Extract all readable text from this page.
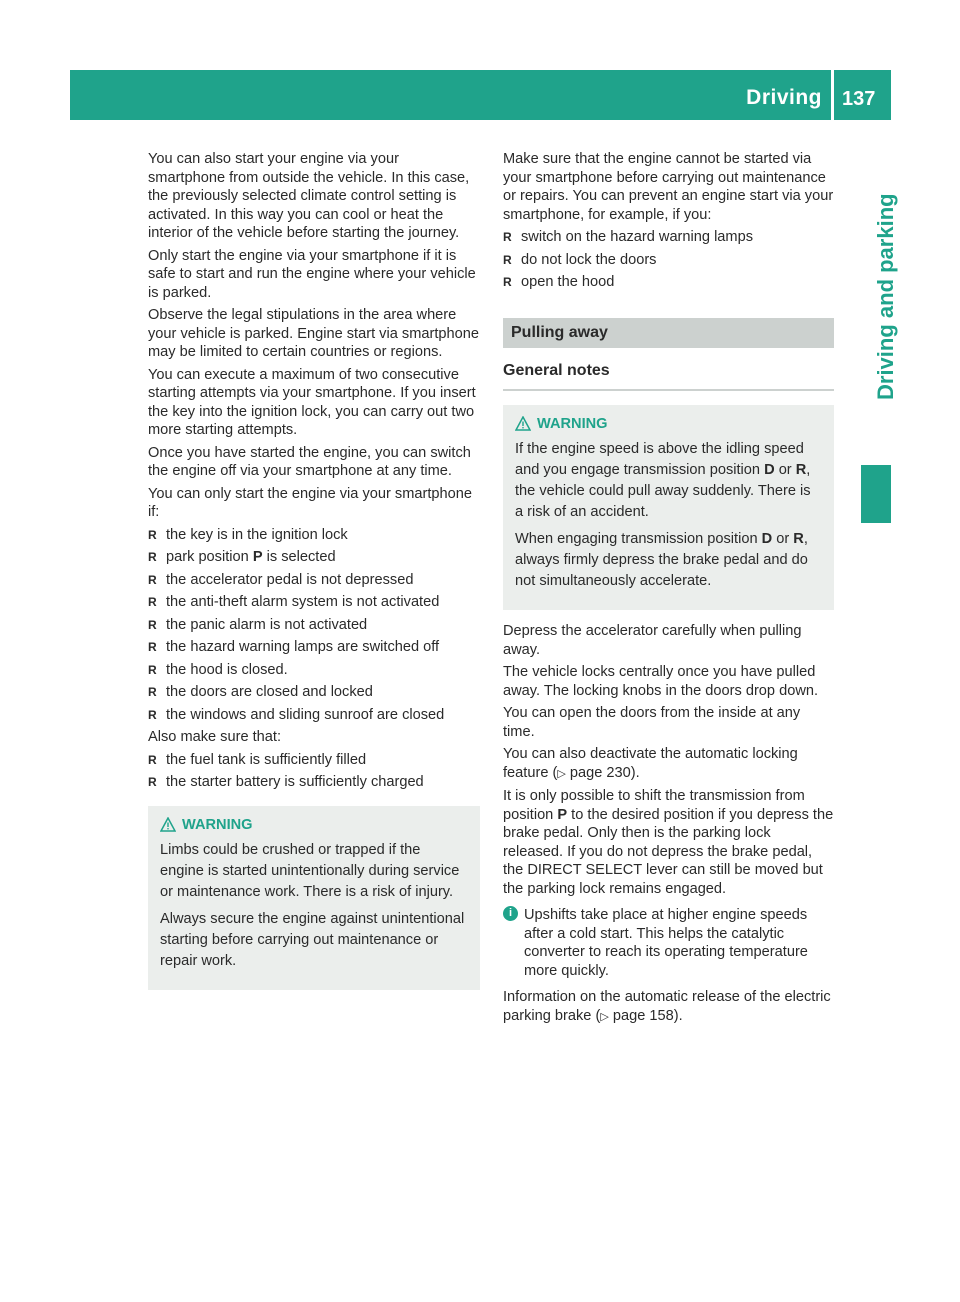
Driving 137
Driving and parking

You can also start your engine via your smartphone from outside the vehicle. In this case, the previously selected climate control setting is activated. In this way you can cool or heat the interior of the vehicle before starting the journey.

Only start the engine via your smartphone if it is safe to start and run the engine where your vehicle is parked.

Observe the legal stipulations in the area where your vehicle is parked. Engine start via smartphone may be limited to certain countries or regions.

You can execute a maximum of two consecutive starting attempts via your smartphone. If you insert the key into the ignition lock, you can carry out two more starting attempts.

Once you have started the engine, you can switch the engine off via your smartphone at any time.

You can only start the engine via your smartphone if:

R the key is in the ignition lock
R park position P is selected
R the accelerator pedal is not depressed
R the anti-theft alarm system is not activated
R the panic alarm is not activated
R the hazard warning lamps are switched off
R the hood is closed.
R the doors are closed and locked
R the windows and sliding sunroof are closed

Also make sure that:

R the fuel tank is sufficiently filled
R the starter battery is sufficiently charged
WARNING

Limbs could be crushed or trapped if the engine is started unintentionally during service or maintenance work. There is a risk of injury.

Always secure the engine against unintentional starting before carrying out maintenance or repair work.

Make sure that the engine cannot be started via your smartphone before carrying out maintenance or repairs. You can prevent an engine start via your smartphone, for example, if you:

R switch on the hazard warning lamps
R do not lock the doors
R open the hood
Pulling away
General notes
WARNING

If the engine speed is above the idling speed and you engage transmission position D or R, the vehicle could pull away suddenly. There is a risk of an accident.

When engaging transmission position D or R, always firmly depress the brake pedal and do not simultaneously accelerate.

Depress the accelerator carefully when pulling away.

The vehicle locks centrally once you have pulled away. The locking knobs in the doors drop down.

You can open the doors from the inside at any time.

You can also deactivate the automatic locking feature (▷ page 230).

It is only possible to shift the transmission from position P to the desired position if you depress the brake pedal. Only then is the parking lock released. If you do not depress the brake pedal, the DIRECT SELECT lever can still be moved but the parking lock remains engaged.

i Upshifts take place at higher engine speeds after a cold start. This helps the catalytic converter to reach its operating temperature more quickly.

Information on the automatic release of the electric parking brake (▷ page 158).
